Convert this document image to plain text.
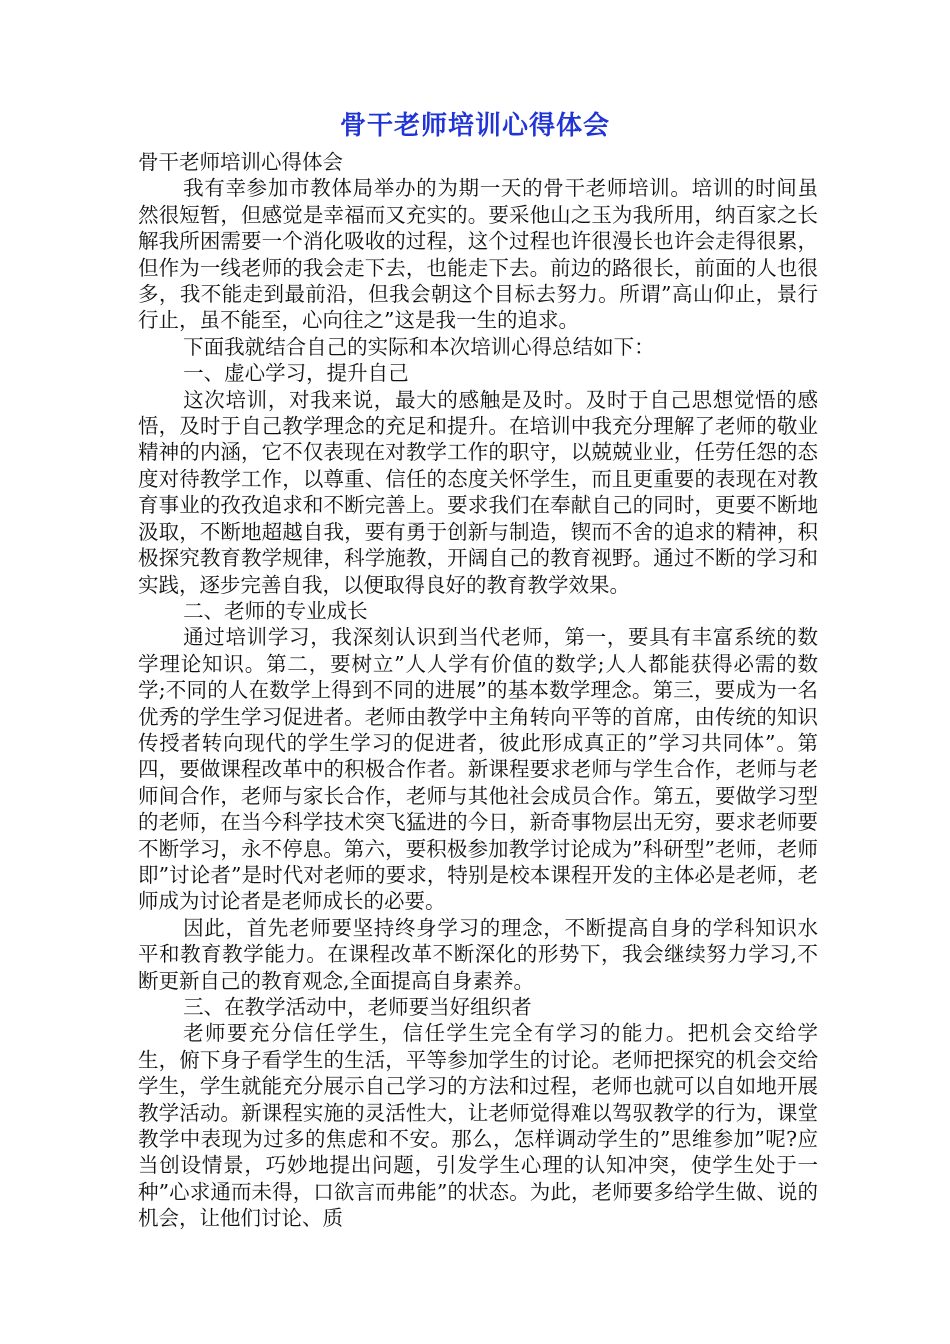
骨干老师培训心得体会

骨干老师培训心得体会

我有幸参加市教体局举办的为期一天的骨干老师培训。培训的时间虽然很短暂，但感觉是幸福而又充实的。要采他山之玉为我所用，纳百家之长解我所困需要一个消化吸收的过程，这个过程也许很漫长也许会走得很累，但作为一线老师的我会走下去，也能走下去。前边的路很长，前面的人也很多，我不能走到最前沿，但我会朝这个目标去努力。所谓”高山仰止，景行行止，虽不能至，心向往之”这是我一生的追求。

下面我就结合自己的实际和本次培训心得总结如下：

一、虚心学习，提升自己

这次培训，对我来说，最大的感触是及时。及时于自己思想觉悟的感悟，及时于自己教学理念的充足和提升。在培训中我充分理解了老师的敬业精神的内涵，它不仅表现在对教学工作的职守，以兢兢业业，任劳任怨的态度对待教学工作，以尊重、信任的态度关怀学生，而且更重要的表现在对教育事业的孜孜追求和不断完善上。要求我们在奉献自己的同时，更要不断地汲取，不断地超越自我，要有勇于创新与制造，锲而不舍的追求的精神，积极探究教育教学规律，科学施教，开阔自己的教育视野。通过不断的学习和实践，逐步完善自我，以便取得良好的教育教学效果。

二、老师的专业成长

通过培训学习，我深刻认识到当代老师，第一，要具有丰富系统的数学理论知识。第二，要树立”人人学有价值的数学;人人都能获得必需的数学;不同的人在数学上得到不同的进展”的基本数学理念。第三，要成为一名优秀的学生学习促进者。老师由教学中主角转向平等的首席，由传统的知识传授者转向现代的学生学习的促进者，彼此形成真正的”学习共同体”。第四，要做课程改革中的积极合作者。新课程要求老师与学生合作，老师与老师间合作，老师与家长合作，老师与其他社会成员合作。第五，要做学习型的老师，在当今科学技术突飞猛进的今日，新奇事物层出无穷，要求老师要不断学习，永不停息。第六，要积极参加教学讨论成为”科研型”老师，老师即”讨论者”是时代对老师的要求，特别是校本课程开发的主体必是老师，老师成为讨论者是老师成长的必要。

因此，首先老师要坚持终身学习的理念，不断提高自身的学科知识水平和教育教学能力。在课程改革不断深化的形势下，我会继续努力学习,不断更新自己的教育观念,全面提高自身素养。

三、在教学活动中，老师要当好组织者

老师要充分信任学生，信任学生完全有学习的能力。把机会交给学生，俯下身子看学生的生活，平等参加学生的讨论。老师把探究的机会交给学生，学生就能充分展示自己学习的方法和过程，老师也就可以自如地开展教学活动。新课程实施的灵活性大，让老师觉得难以驾驭教学的行为，课堂教学中表现为过多的焦虑和不安。那么，怎样调动学生的”思维参加”呢?应当创设情景，巧妙地提出问题，引发学生心理的认知冲突，使学生处于一种”心求通而未得，口欲言而弗能”的状态。为此，老师要多给学生做、说的机会，让他们讨论、质
